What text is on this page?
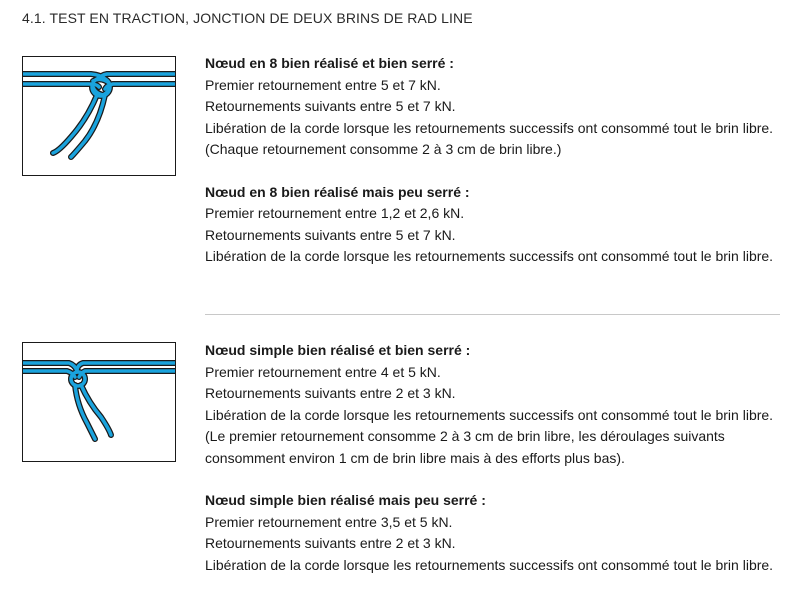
4.1. TEST EN TRACTION, JONCTION DE DEUX BRINS DE RAD LINE

Nœud en 8 bien réalisé et bien serré :

Premier retournement entre 5 et 7 kN.

Retournements suivants entre 5 et 7 kN.

Libération de la corde lorsque les retournements successifs ont consommé tout le brin libre. (Chaque retournement consomme 2 à 3 cm de brin libre.)

Nœud en 8 bien réalisé mais peu serré :

Premier retournement entre 1,2 et 2,6 kN.

Retournements suivants entre 5 et 7 kN.

Libération de la corde lorsque les retournements successifs ont consommé tout le brin libre.

Nœud simple bien réalisé et bien serré :

Premier retournement entre 4 et 5 kN.

Retournements suivants entre 2 et 3 kN.

Libération de la corde lorsque les retournements successifs ont consommé tout le brin libre. (Le premier retournement consomme 2 à 3 cm de brin libre, les déroulages suivants consomment environ 1 cm de brin libre mais à des efforts plus bas).

Nœud simple bien réalisé mais peu serré :

Premier retournement entre 3,5 et 5 kN.

Retournements suivants entre 2 et 3 kN.

Libération de la corde lorsque les retournements successifs ont consommé tout le brin libre.
